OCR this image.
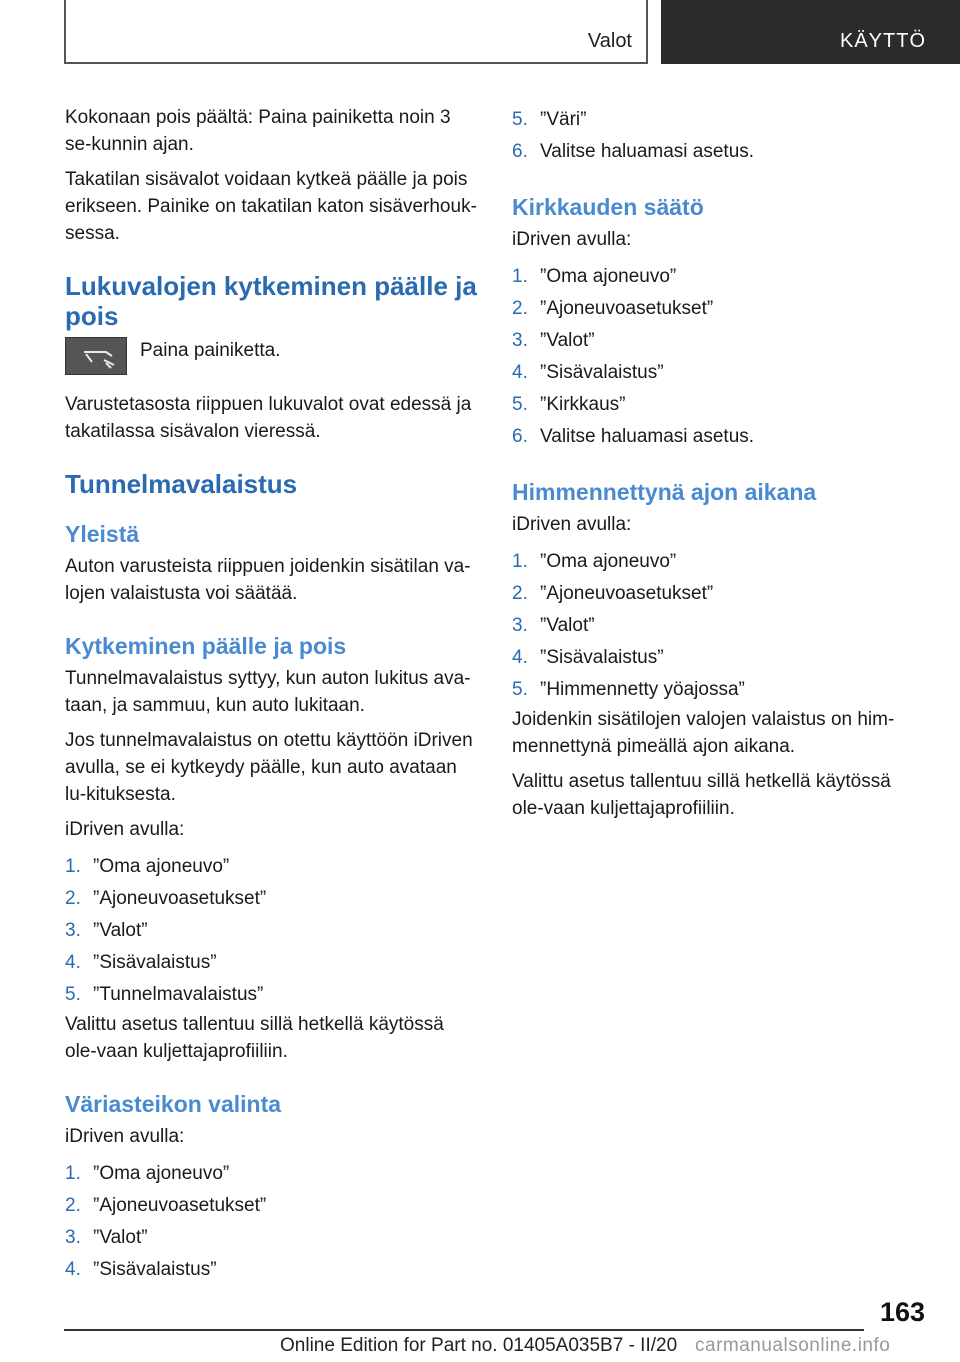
Valot	KÄYTTÖ

Kokonaan pois päältä: Paina painiketta noin 3 se-kunnin ajan.

Takatilan sisävalot voidaan kytkeä päälle ja pois erikseen. Painike on takatilan katon sisäverhouk-sessa.

Lukuvalojen kytkeminen päälle ja pois

Paina painiketta.

Varustetasosta riippuen lukuvalot ovat edessä ja takatilassa sisävalon vieressä.

Tunnelmavalaistus
Yleistä

Auton varusteista riippuen joidenkin sisätilan va-lojen valaistusta voi säätää.

Kytkeminen päälle ja pois

Tunnelmavalaistus syttyy, kun auton lukitus ava-taan, ja sammuu, kun auto lukitaan.

Jos tunnelmavalaistus on otettu käyttöön iDriven avulla, se ei kytkeydy päälle, kun auto avataan lu-kituksesta.

iDriven avulla:

1. ”Oma ajoneuvo”
2. ”Ajoneuvoasetukset”
3. ”Valot”
4. ”Sisävalaistus”
5. ”Tunnelmavalaistus”

Valittu asetus tallentuu sillä hetkellä käytössä ole-vaan kuljettajaprofiiliin.

Väriasteikon valinta

iDriven avulla:

1. ”Oma ajoneuvo”
2. ”Ajoneuvoasetukset”
3. ”Valot”
4. ”Sisävalaistus”
5. ”Väri”
6. Valitse haluamasi asetus.
Kirkkauden säätö

iDriven avulla:

1. ”Oma ajoneuvo”
2. ”Ajoneuvoasetukset”
3. ”Valot”
4. ”Sisävalaistus”
5. ”Kirkkaus”
6. Valitse haluamasi asetus.
Himmennettynä ajon aikana

iDriven avulla:

1. ”Oma ajoneuvo”
2. ”Ajoneuvoasetukset”
3. ”Valot”
4. ”Sisävalaistus”
5. ”Himmennetty yöajossa”

Joidenkin sisätilojen valojen valaistus on him-mennettynä pimeällä ajon aikana.

Valittu asetus tallentuu sillä hetkellä käytössä ole-vaan kuljettajaprofiiliin.

163
Online Edition for Part no. 01405A035B7 - II/20 carmanualsonline.info
